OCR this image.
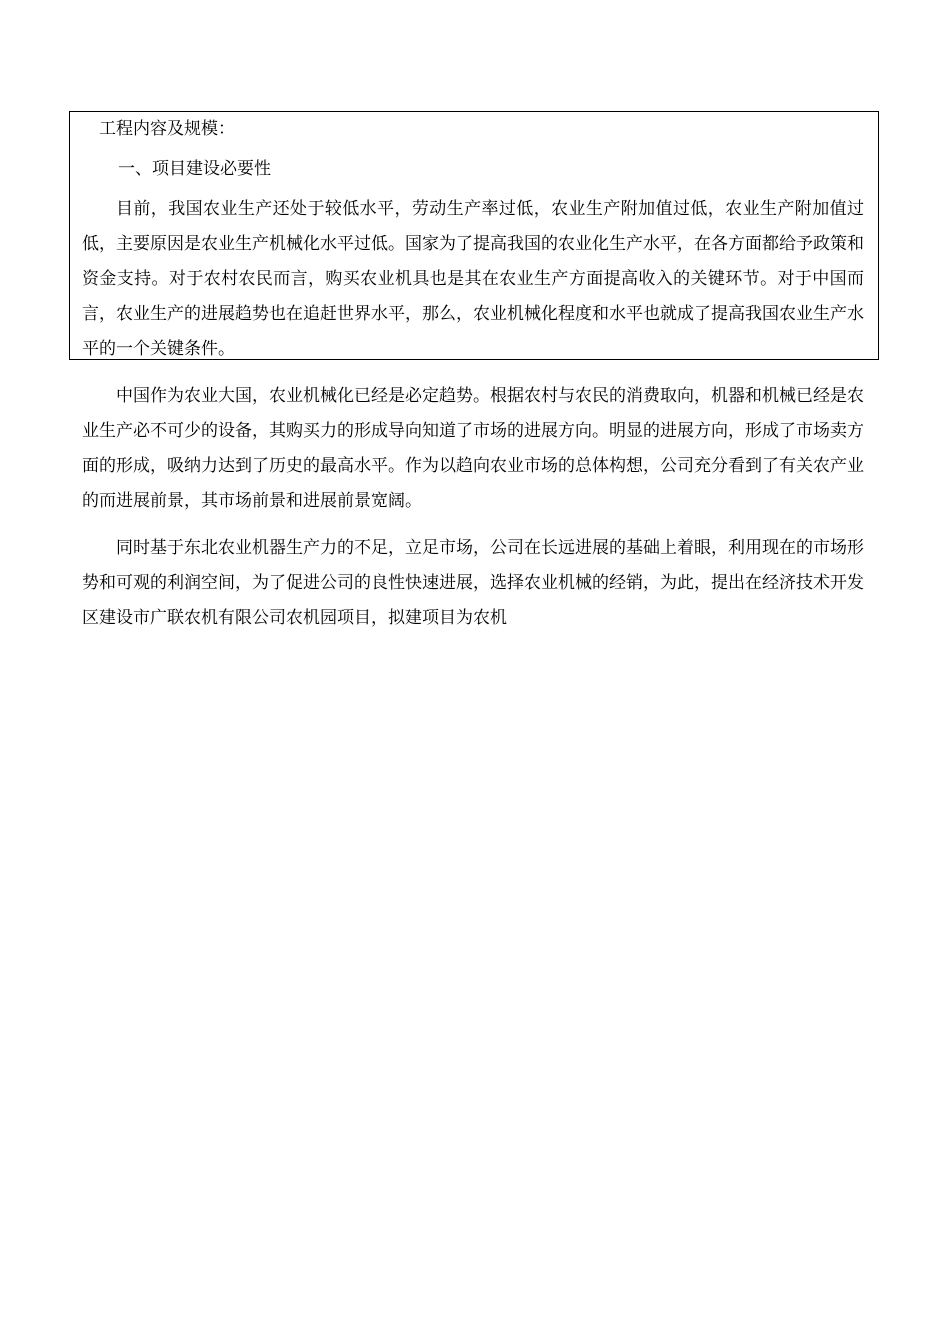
工程内容及规模：
一、项目建设必要性

目前，我国农业生产还处于较低水平，劳动生产率过低，农业生产附加值过低，农业生产附加值过低，主要原因是农业生产机械化水平过低。国家为了提高我国的农业化生产水平，在各方面都给予政策和资金支持。对于农村农民而言，购买农业机具也是其在农业生产方面提高收入的关键环节。对于中国而言，农业生产的进展趋势也在追赶世界水平，那么，农业机械化程度和水平也就成了提高我国农业生产水平的一个关键条件。

中国作为农业大国，农业机械化已经是必定趋势。根据农村与农民的消费取向，机器和机械已经是农业生产必不可少的设备，其购买力的形成导向知道了市场的进展方向。明显的进展方向，形成了市场卖方面的形成，吸纳力达到了历史的最高水平。作为以趋向农业市场的总体构想，公司充分看到了有关农产业的而进展前景，其市场前景和进展前景宽阔。

同时基于东北农业机器生产力的不足，立足市场，公司在长远进展的基础上着眼，利用现在的市场形势和可观的利润空间，为了促进公司的良性快速进展，选择农业机械的经销，为此，提出在经济技术开发区建设市广联农机有限公司农机园项目，拟建项目为农机
